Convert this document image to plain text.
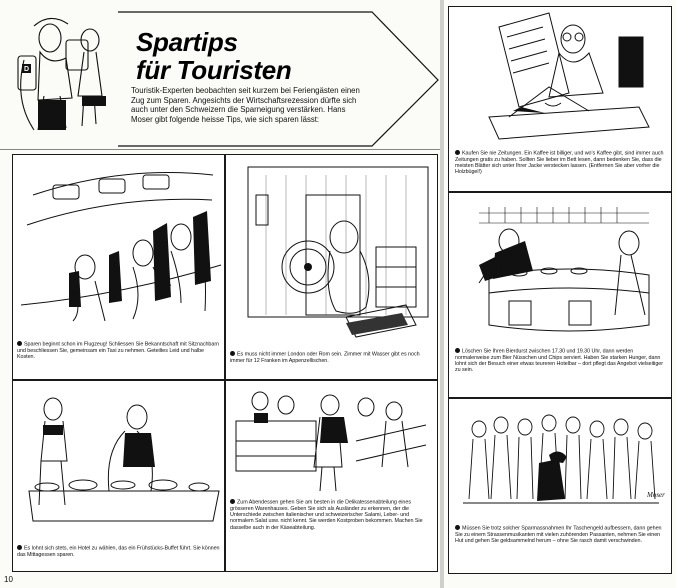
D
Spartips
für Touristen
Touristik-Experten beobachten seit kurzem bei Feriengästen einen Zug zum Sparen. Angesichts der Wirtschaftsrezession dürfte sich auch unter den Schweizern die Sparneigung verstärken. Hans Moser gibt folgende heisse Tips, wie sich sparen lässt:
Sparen beginnt schon im Flugzeug! Schliessen Sie Bekanntschaft mit Sitznachbarn und beschliessen Sie, gemeinsam ein Taxi zu nehmen. Geteiltes Leid und halbe Kosten.	Es muss nicht immer London oder Rom sein. Zimmer mit Wasser gibt es noch immer für 12 Franken im Appenzellischen.
Es lohnt sich stets, ein Hotel zu wählen, das ein Frühstücks-Buffet führt. Sie können das Mittagessen sparen.
Zum Abendessen gehen Sie am besten in die Delikatessenabteilung eines grösseren Warenhauses. Geben Sie sich als Ausländer zu erkennen, der die Unterschiede zwischen italienischer und schweizerischer Salami, Leber- und normalem Salat usw. nicht kennt. Sie werden Kostproben bekommen. Machen Sie dasselbe auch in der Käseabteilung.
10
Kaufen Sie nie Zeitungen. Ein Kaffee ist billiger, und wo's Kaffee gibt, sind immer auch Zeitungen gratis zu haben. Sollten Sie lieber im Bett lesen, dann bedenken Sie, dass die meisten Blätter sich unter Ihrer Jacke verstecken lassen. (Entfernen Sie aber vorher die Holzbügel!)
Löschen Sie Ihren Bierdurst zwischen 17.30 und 19.30 Uhr, dann werden normalerweise zum Bier Nüsschen und Chips serviert. Haben Sie starken Hunger, dann lohnt sich der Besuch einer etwas teureren Hotelbar – dort pflegt das Angebot vielseitiger zu sein.
Moser
Müssen Sie trotz solcher Sparmassnahmen Ihr Taschengeld aufbessern, dann gehen Sie zu einem Strassenmusikanten mit vielen zuhörenden Passanten, nehmen Sie einen Hut und gehen Sie geldsammelnd herum – ohne Sie rasch damit verschwinden.
